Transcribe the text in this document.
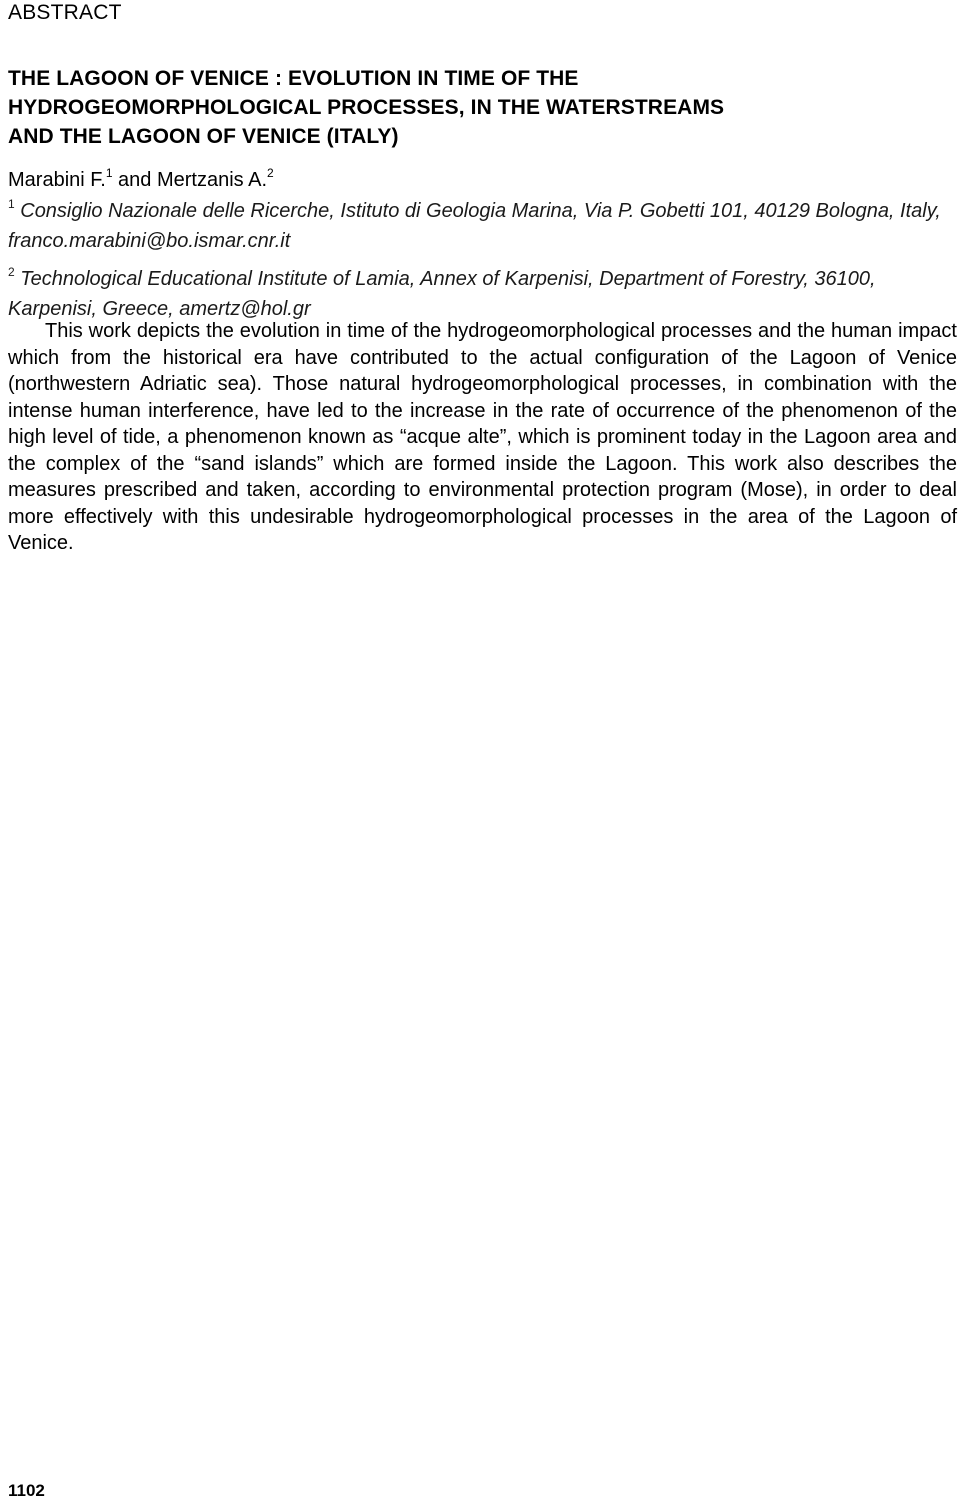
ABSTRACT
THE LAGOON OF VENICE : EVOLUTION IN TIME OF THE
HYDROGEOMORPHOLOGICAL PROCESSES, IN THE WATERSTREAMS
AND THE LAGOON OF VENICE (ITALY)
Marabini F.$^1$ and Mertzanis A.$^2$
$^1$ Consiglio Nazionale delle Ricerche, Istituto di Geologia Marina, Via P. Gobetti 101, 40129 Bologna, Italy, franco.marabini@bo.ismar.cnr.it
$^2$ Technological Educational Institute of Lamia, Annex of Karpenisi, Department of Forestry, 36100, Karpenisi, Greece, amertz@hol.gr

This work depicts the evolution in time of the hydrogeomorphological processes and the human impact which from the historical era have contributed to the actual configuration of the Lagoon of Venice (northwestern Adriatic sea). Those natural hydrogeomorphological processes, in combination with the intense human interference, have led to the increase in the rate of occurrence of the phenomenon of the high level of tide, a phenomenon known as “acque alte”, which is prominent today in the Lagoon area and the complex of the “sand islands” which are formed inside the Lagoon. This work also describes the measures prescribed and taken, according to environmental protection program (Mose), in order to deal more effectively with this undesirable hydrogeomorphological processes in the area of the Lagoon of Venice.

1102
